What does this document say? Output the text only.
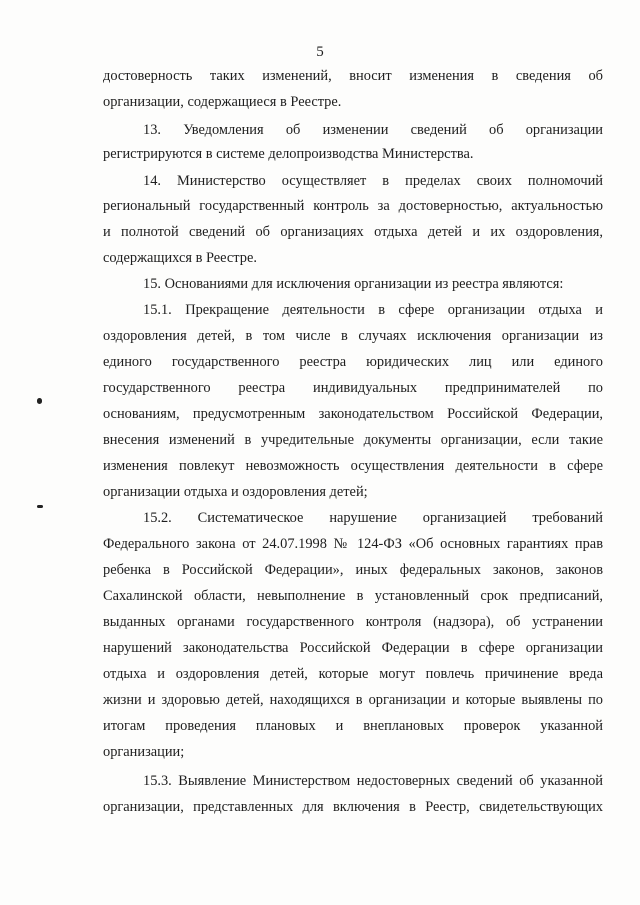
5
достоверность таких изменений, вносит изменения в сведения об
организации, содержащиеся в Реестре.
13. Уведомления об изменении сведений об организации
регистрируются в системе делопроизводства Министерства.
14. Министерство осуществляет в пределах своих полномочий
региональный государственный контроль за достоверностью, актуальностью
и полнотой сведений об организациях отдыха детей и их оздоровления,
содержащихся в Реестре.
15. Основаниями для исключения организации из реестра являются:
15.1. Прекращение деятельности в сфере организации отдыха и
оздоровления детей, в том числе в случаях исключения организации из
единого государственного реестра юридических лиц или единого
государственного реестра индивидуальных предпринимателей по
основаниям, предусмотренным законодательством Российской Федерации,
внесения изменений в учредительные документы организации, если такие
изменения повлекут невозможность осуществления деятельности в сфере
организации отдыха и оздоровления детей;
15.2. Систематическое нарушение организацией требований
Федерального закона от 24.07.1998 № 124-ФЗ «Об основных гарантиях прав
ребенка в Российской Федерации», иных федеральных законов, законов
Сахалинской области, невыполнение в установленный срок предписаний,
выданных органами государственного контроля (надзора), об устранении
нарушений законодательства Российской Федерации в сфере организации
отдыха и оздоровления детей, которые могут повлечь причинение вреда
жизни и здоровью детей, находящихся в организации и которые выявлены по
итогам проведения плановых и внеплановых проверок указанной
организации;
15.3. Выявление Министерством недостоверных сведений об указанной
организации, представленных для включения в Реестр, свидетельствующих
